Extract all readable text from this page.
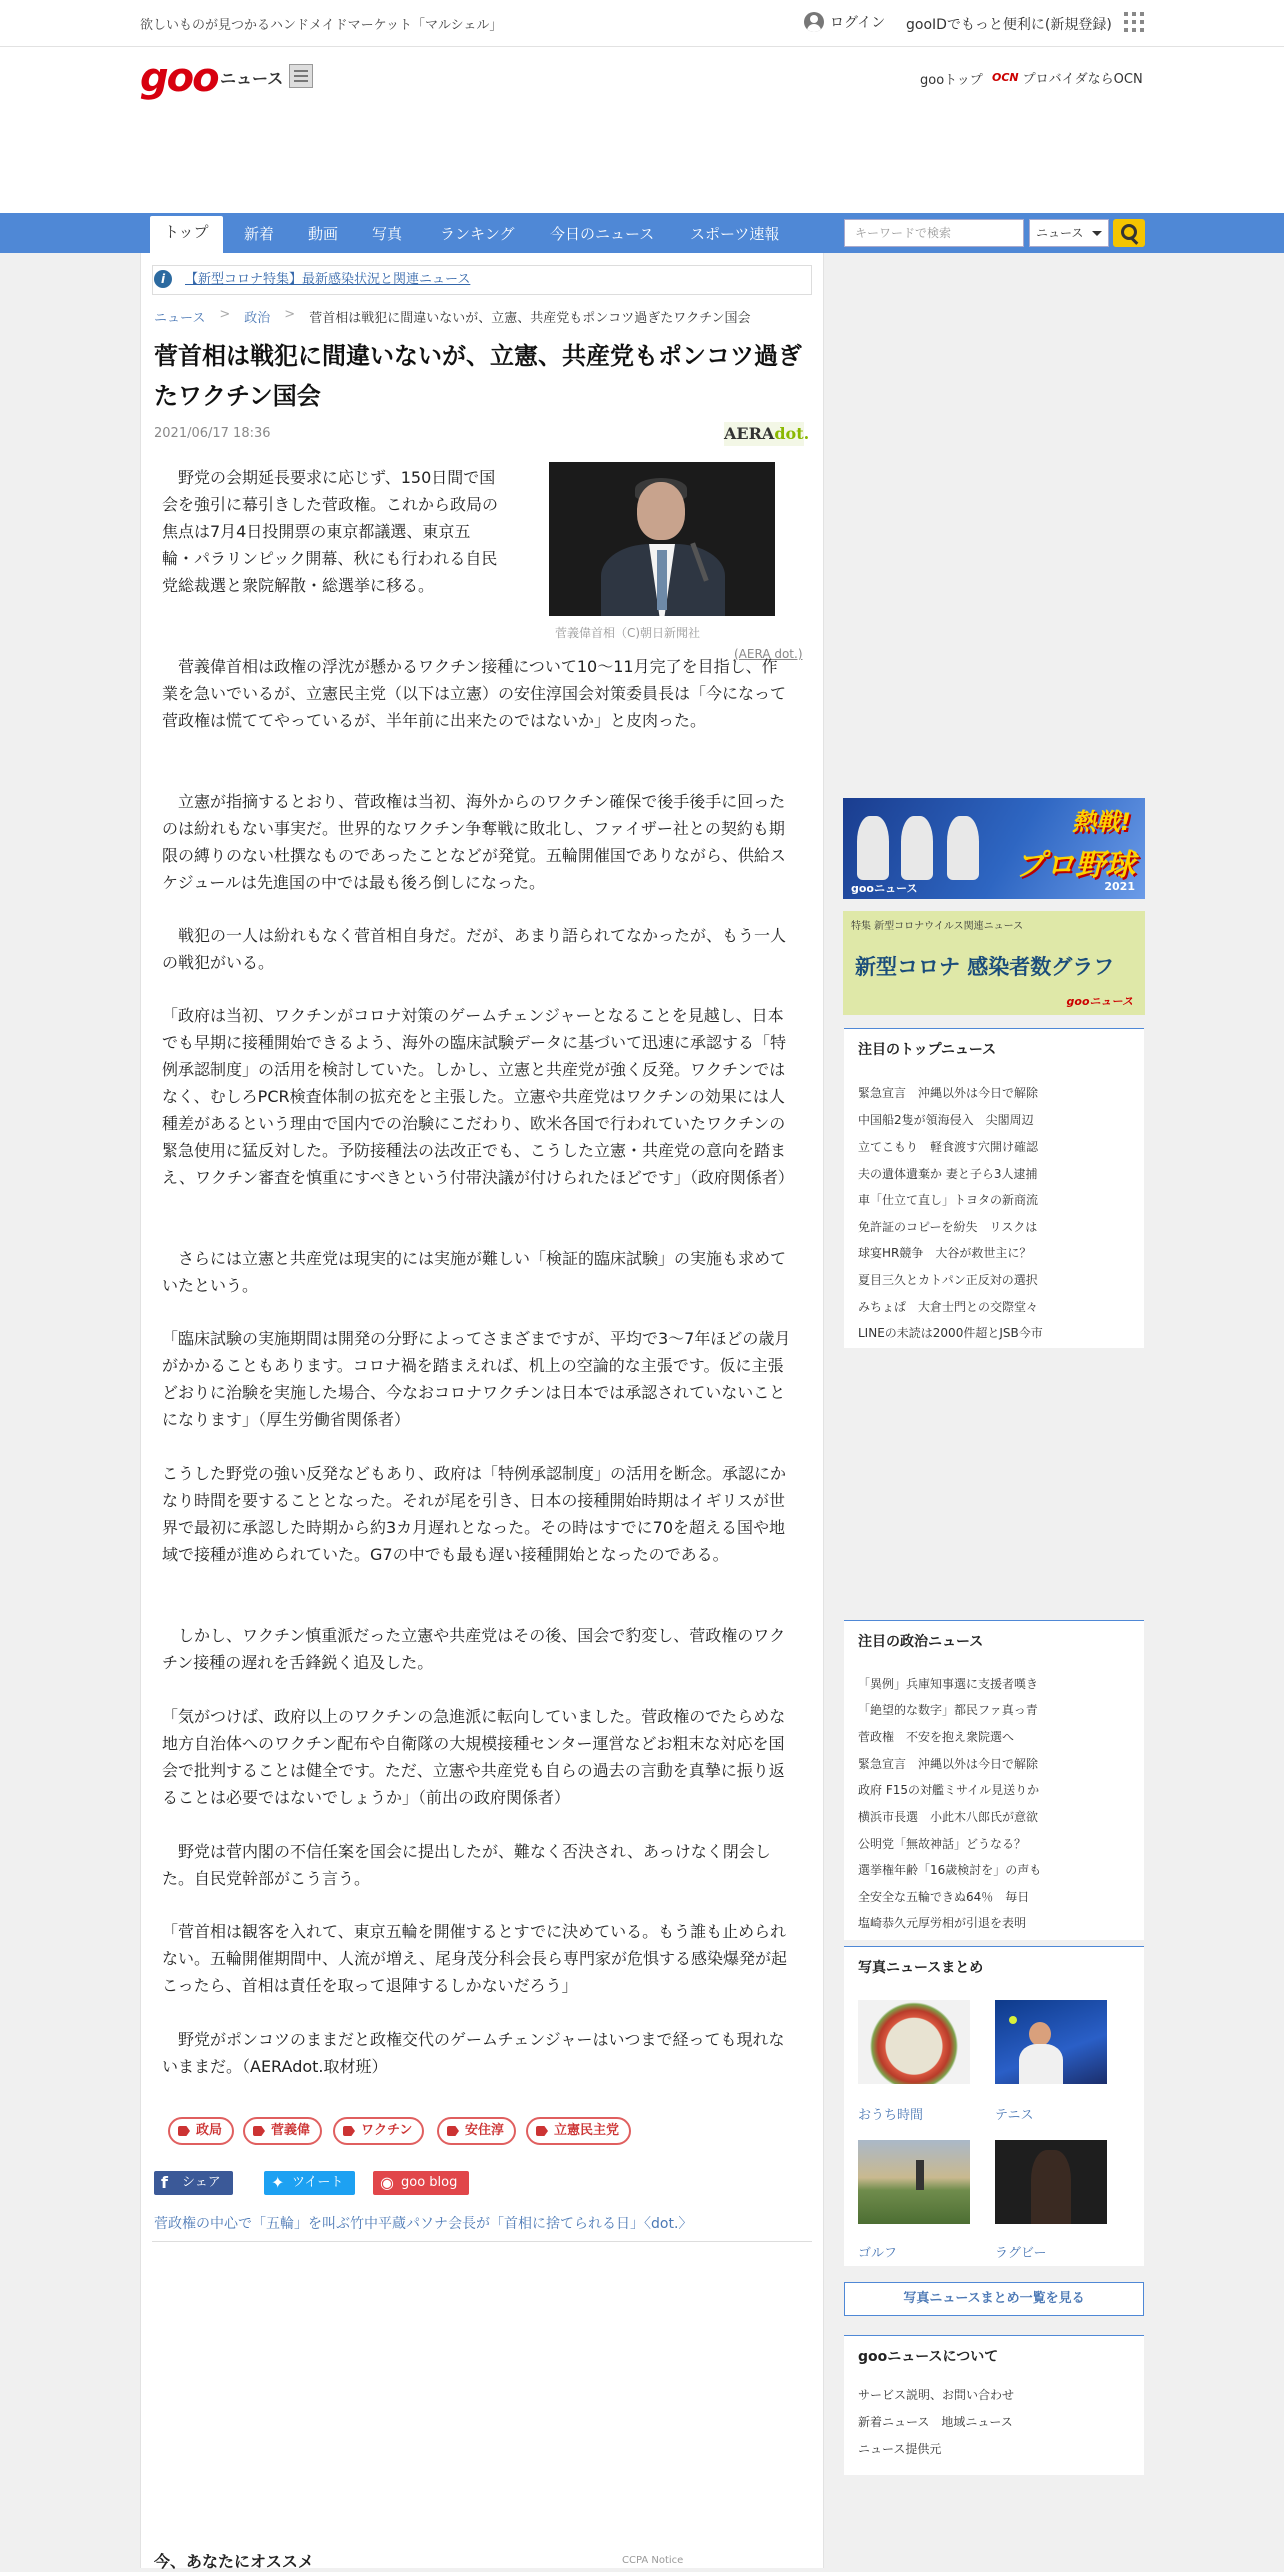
欲しいものが見つかるハンドメイドマーケット「マルシェル」	ログイン gooIDでもっと便利に(新規登録)
goo ニュース	gooトップ OCN プロバイダならOCN
トップ	新着	動画	写真	ランキング	今日のニュース	スポーツ速報	キーワードで検索	ニュース
【新型コロナ特集】最新感染状況と関連ニュース
i
ニュース > 政治 > 菅首相は戦犯に間違いないが、立憲、共産党もポンコツ過ぎたワクチン国会
菅首相は戦犯に間違いないが、立憲、共産党もポンコツ過ぎたワクチン国会
2021/06/17 18:36	AERAdot.
菅義偉首相（C)朝日新聞社
(AERA dot.)

　野党の会期延長要求に応じず、150日間で国会を強引に幕引きした菅政権。これから政局の焦点は7月4日投開票の東京都議選、東京五輪・パラリンピック開幕、秋にも行われる自民党総裁選と衆院解散・総選挙に移る。

　菅義偉首相は政権の浮沈が懸かるワクチン接種について10～11月完了を目指し、作業を急いでいるが、立憲民主党（以下は立憲）の安住淳国会対策委員長は「今になって菅政権は慌ててやっているが、半年前に出来たのではないか」と皮肉った。

　立憲が指摘するとおり、菅政権は当初、海外からのワクチン確保で後手後手に回ったのは紛れもない事実だ。世界的なワクチン争奪戦に敗北し、ファイザー社との契約も期限の縛りのない杜撰なものであったことなどが発覚。五輪開催国でありながら、供給スケジュールは先進国の中では最も後ろ倒しになった。

　戦犯の一人は紛れもなく菅首相自身だ。だが、あまり語られてなかったが、もう一人の戦犯がいる。

「政府は当初、ワクチンがコロナ対策のゲームチェンジャーとなることを見越し、日本でも早期に接種開始できるよう、海外の臨床試験データに基づいて迅速に承認する「特例承認制度」の活用を検討していた。しかし、立憲と共産党が強く反発。ワクチンではなく、むしろPCR検査体制の拡充をと主張した。立憲や共産党はワクチンの効果には人種差があるという理由で国内での治験にこだわり、欧米各国で行われていたワクチンの緊急使用に猛反対した。予防接種法の法改正でも、こうした立憲・共産党の意向を踏まえ、ワクチン審査を慎重にすべきという付帯決議が付けられたほどです」（政府関係者）

　さらには立憲と共産党は現実的には実施が難しい「検証的臨床試験」の実施も求めていたという。

「臨床試験の実施期間は開発の分野によってさまざまですが、平均で3～7年ほどの歳月がかかることもあります。コロナ禍を踏まえれば、机上の空論的な主張です。仮に主張どおりに治験を実施した場合、今なおコロナワクチンは日本では承認されていないことになります」（厚生労働省関係者）

こうした野党の強い反発などもあり、政府は「特例承認制度」の活用を断念。承認にかなり時間を要することとなった。それが尾を引き、日本の接種開始時期はイギリスが世界で最初に承認した時期から約3カ月遅れとなった。その時はすでに70を超える国や地域で接種が進められていた。G7の中でも最も遅い接種開始となったのである。

　しかし、ワクチン慎重派だった立憲や共産党はその後、国会で豹変し、菅政権のワクチン接種の遅れを舌鋒鋭く追及した。

「気がつけば、政府以上のワクチンの急進派に転向していました。菅政権のでたらめな地方自治体へのワクチン配布や自衛隊の大規模接種センター運営などお粗末な対応を国会で批判することは健全です。ただ、立憲や共産党も自らの過去の言動を真摯に振り返ることは必要ではないでしょうか」（前出の政府関係者）

　野党は菅内閣の不信任案を国会に提出したが、難なく否決され、あっけなく閉会した。自民党幹部がこう言う。

「菅首相は観客を入れて、東京五輪を開催するとすでに決めている。もう誰も止められない。五輪開催期間中、人流が増え、尾身茂分科会長ら専門家が危惧する感染爆発が起こったら、首相は責任を取って退陣するしかないだろう」

　野党がポンコツのままだと政権交代のゲームチェンジャーはいつまで経っても現れないままだ。（AERAdot.取材班）

政局	菅義偉	ワクチン	安住淳	立憲民主党
f	シェア	✦ ツイート	◉ goo blog
菅政権の中心で「五輪」を叫ぶ竹中平蔵パソナ会長が「首相に捨てられる日」〈dot.〉
今、あなたにオススメ	CCPA Notice
熱戦!
プロ野球
gooニュース	2021
特集 新型コロナウイルス関連ニュース
新型コロナ 感染者数グラフ
gooニュース
注目のトップニュース
緊急宣言　沖縄以外は今日で解除
中国船2隻が領海侵入　尖閣周辺
立てこもり　軽食渡す穴開け確認
夫の遺体遺棄か 妻と子ら3人逮捕
車「仕立て直し」トヨタの新商流
免許証のコピーを紛失　リスクは
球宴HR競争　大谷が救世主に？
夏目三久とカトパン正反対の選択
みちょぱ　大倉士門との交際堂々
LINEの未読は2000件超とJSB今市
注目の政治ニュース
「異例」兵庫知事選に支援者嘆き
「絶望的な数字」都民ファ真っ青
菅政権　不安を抱え衆院選へ
緊急宣言　沖縄以外は今日で解除
政府 F15の対艦ミサイル見送りか
横浜市長選　小此木八郎氏が意欲
公明党「無故神話」どうなる？
選挙権年齢「16歳検討を」の声も
全安全な五輪できぬ64％　毎日
塩崎恭久元厚労相が引退を表明
写真ニュースまとめ
おうち時間	テニス
ゴルフ	ラグビー
写真ニュースまとめ一覧を見る
gooニュースについて
サービス説明、お問い合わせ
新着ニュース　地域ニュース
ニュース提供元
